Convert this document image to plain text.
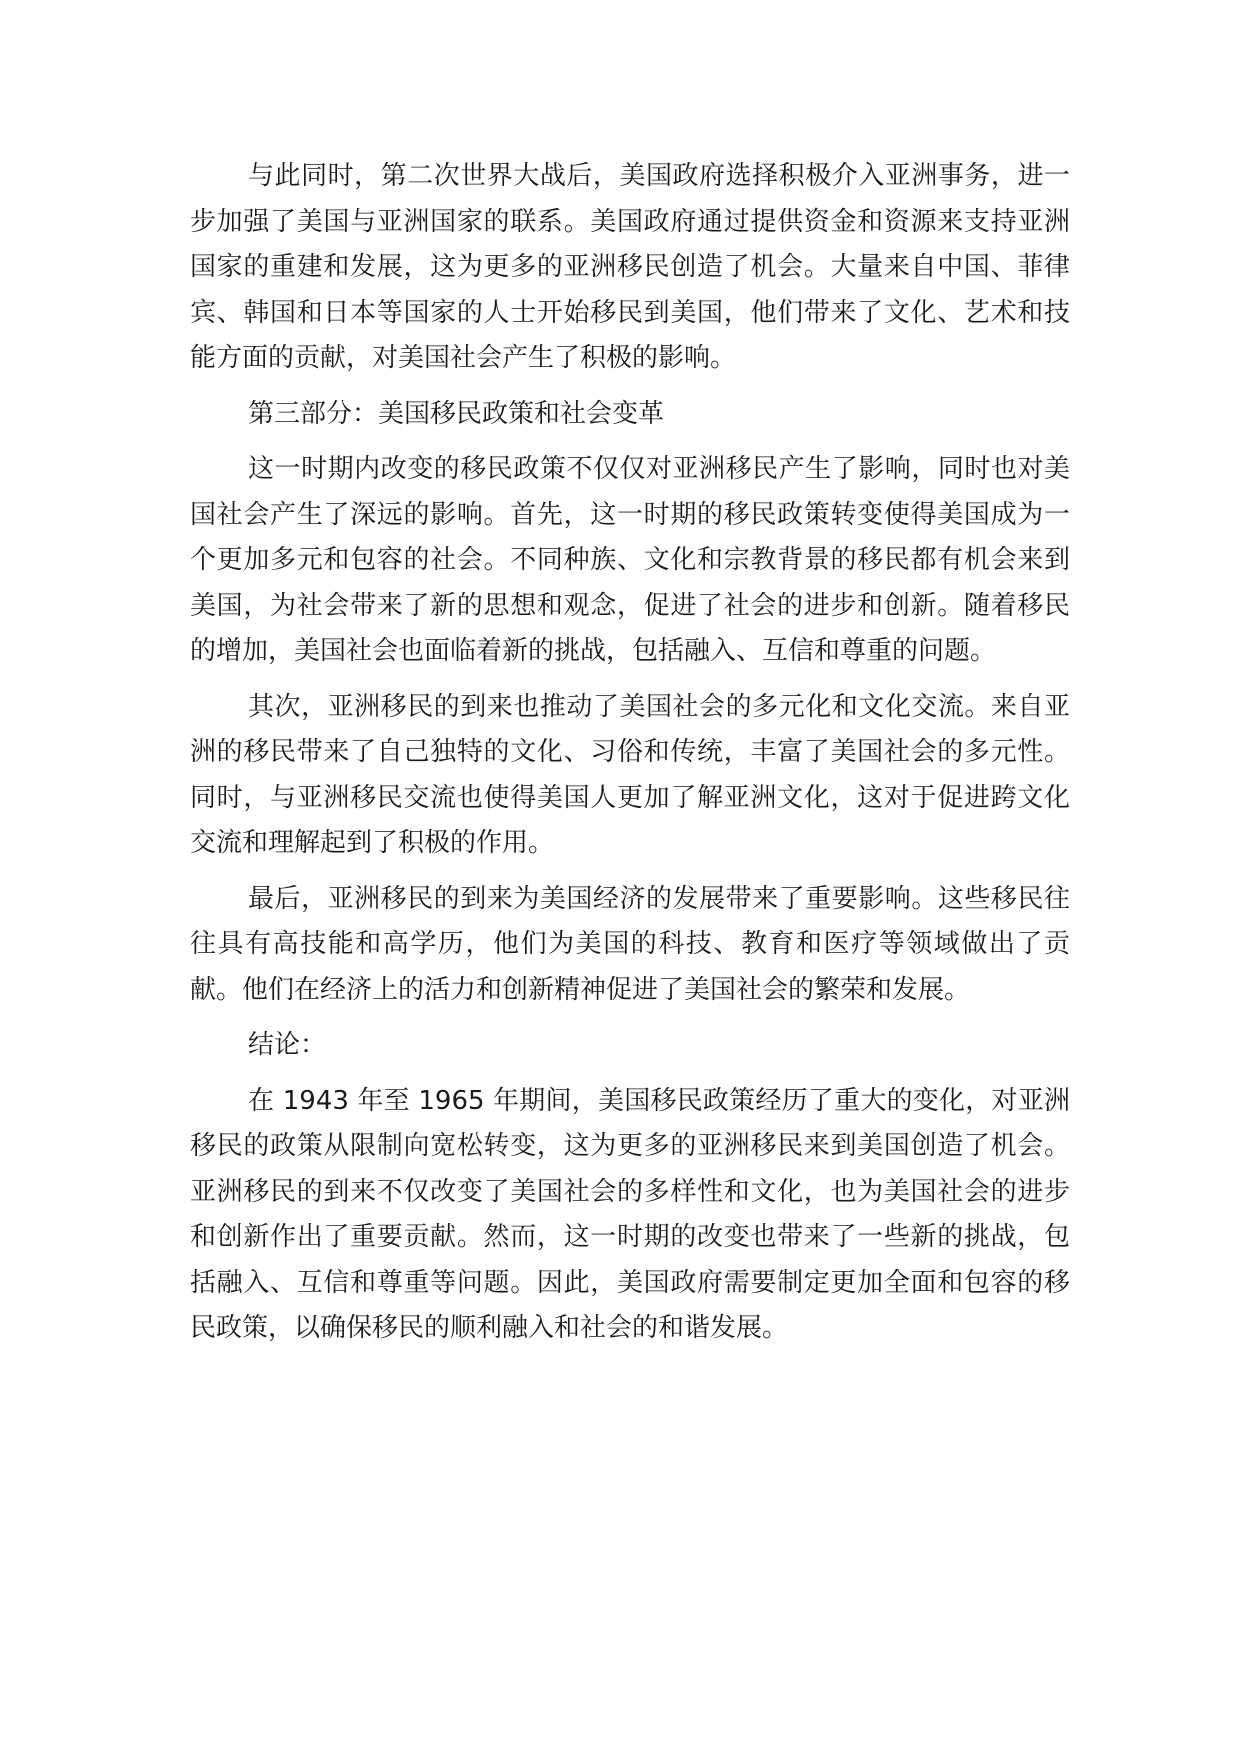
与此同时，第二次世界大战后，美国政府选择积极介入亚洲事务，进一步加强了美国与亚洲国家的联系。美国政府通过提供资金和资源来支持亚洲国家的重建和发展，这为更多的亚洲移民创造了机会。大量来自中国、菲律宾、韩国和日本等国家的人士开始移民到美国，他们带来了文化、艺术和技能方面的贡献，对美国社会产生了积极的影响。

第三部分：美国移民政策和社会变革

这一时期内改变的移民政策不仅仅对亚洲移民产生了影响，同时也对美国社会产生了深远的影响。首先，这一时期的移民政策转变使得美国成为一个更加多元和包容的社会。不同种族、文化和宗教背景的移民都有机会来到美国，为社会带来了新的思想和观念，促进了社会的进步和创新。随着移民的增加，美国社会也面临着新的挑战，包括融入、互信和尊重的问题。

其次，亚洲移民的到来也推动了美国社会的多元化和文化交流。来自亚洲的移民带来了自己独特的文化、习俗和传统，丰富了美国社会的多元性。同时，与亚洲移民交流也使得美国人更加了解亚洲文化，这对于促进跨文化交流和理解起到了积极的作用。

最后，亚洲移民的到来为美国经济的发展带来了重要影响。这些移民往往具有高技能和高学历，他们为美国的科技、教育和医疗等领域做出了贡献。他们在经济上的活力和创新精神促进了美国社会的繁荣和发展。

结论：

在 1943 年至 1965 年期间，美国移民政策经历了重大的变化，对亚洲移民的政策从限制向宽松转变，这为更多的亚洲移民来到美国创造了机会。亚洲移民的到来不仅改变了美国社会的多样性和文化，也为美国社会的进步和创新作出了重要贡献。然而，这一时期的改变也带来了一些新的挑战，包括融入、互信和尊重等问题。因此，美国政府需要制定更加全面和包容的移民政策，以确保移民的顺利融入和社会的和谐发展。
